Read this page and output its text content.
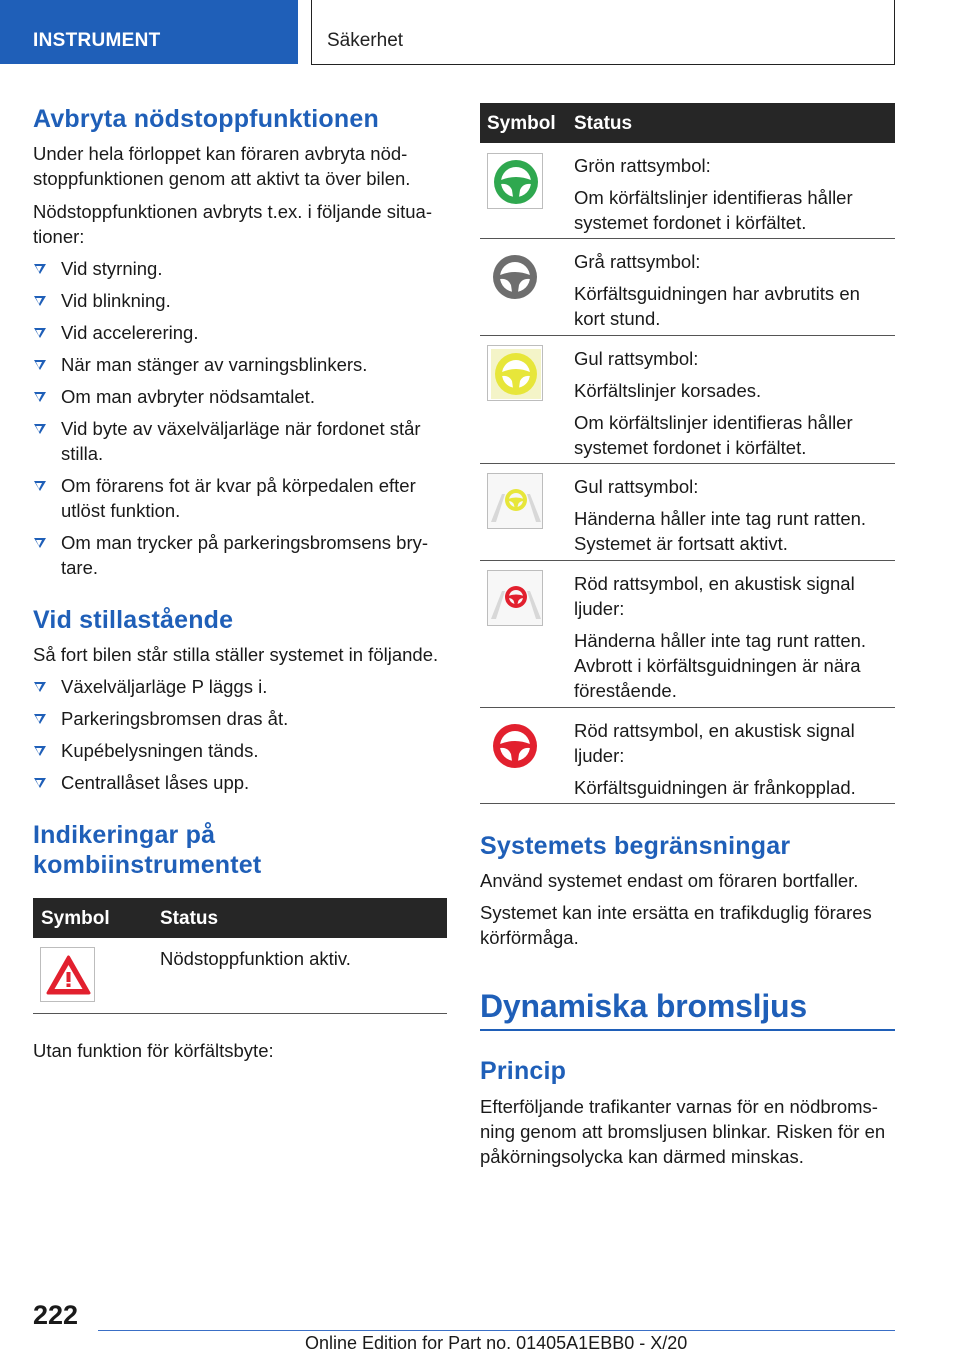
INSTRUMENT	Säkerhet
Avbryta nödstoppfunktionen

Under hela förloppet kan föraren avbryta nöd-stoppfunktionen genom att aktivt ta över bilen.

Nödstoppfunktionen avbryts t.ex. i följande situa-tioner:

Vid styrning.
Vid blinkning.
Vid accelerering.
När man stänger av varningsblinkers.
Om man avbryter nödsamtalet.
Vid byte av växelväljarläge när fordonet står stilla.
Om förarens fot är kvar på körpedalen efter utlöst funktion.
Om man trycker på parkeringsbromsens bry-tare.
Vid stillastående

Så fort bilen står stilla ställer systemet in följande.

Växelväljarläge P läggs i.
Parkeringsbromsen dras åt.
Kupébelysningen tänds.
Centrallåset låses upp.
Indikeringar på
kombiinstrumentet
Symbol	Status

Nödstoppfunktion aktiv.

Utan funktion för körfältsbyte:

Symbol Status

Grön rattsymbol:

Om körfältslinjer identifieras håller systemet fordonet i körfältet.

Grå rattsymbol:

Körfältsguidningen har avbrutits en kort stund.

Gul rattsymbol:

Körfältslinjer korsades.

Om körfältslinjer identifieras håller systemet fordonet i körfältet.

Gul rattsymbol:

Händerna håller inte tag runt ratten. Systemet är fortsatt aktivt.

Röd rattsymbol, en akustisk signal ljuder:

Händerna håller inte tag runt ratten. Avbrott i körfältsguidningen är nära förestående.

Röd rattsymbol, en akustisk signal ljuder:

Körfältsguidningen är frånkopplad.

Systemets begränsningar

Använd systemet endast om föraren bortfaller.

Systemet kan inte ersätta en trafikduglig förares körförmåga.

Dynamiska bromsljus
Princip

Efterföljande trafikanter varnas för en nödbroms-ning genom att bromsljusen blinkar. Risken för en påkörningsolycka kan därmed minskas.

222
Online Edition for Part no. 01405A1EBB0 - X/20
